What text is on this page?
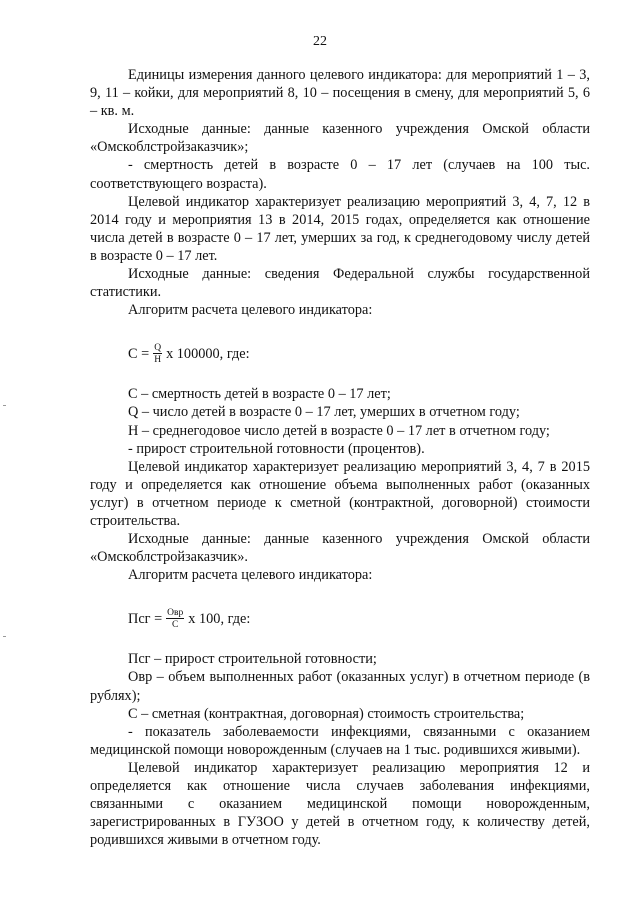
22

Единицы измерения данного целевого индикатора: для мероприятий 1 – 3, 9, 11 – койки, для мероприятий 8, 10 – посещения в смену, для мероприятий 5, 6 – кв. м.

Исходные данные: данные казенного учреждения Омской области «Омскоблстройзаказчик»;

- смертность детей в возрасте 0 – 17 лет (случаев на 100 тыс. соответствующего возраста).

Целевой индикатор характеризует реализацию мероприятий 3, 4, 7, 12 в 2014 году и мероприятия 13 в 2014, 2015 годах, определяется как отношение числа детей в возрасте 0 – 17 лет, умерших за год, к среднегодовому числу детей в возрасте 0 – 17 лет.

Исходные данные: сведения Федеральной службы государственной статистики.

Алгоритм расчета целевого индикатора:

$С = \frac{Q}{Н}$ х 100000, где:

С – смертность детей в возрасте 0 – 17 лет;

Q – число детей в возрасте 0 – 17 лет, умерших в отчетном году;

Н – среднегодовое число детей в возрасте 0 – 17 лет в отчетном году;

- прирост строительной готовности (процентов).

Целевой индикатор характеризует реализацию мероприятий 3, 4, 7 в 2015 году и определяется как отношение объема выполненных работ (оказанных услуг) в отчетном периоде к сметной (контрактной, договорной) стоимости строительства.

Исходные данные: данные казенного учреждения Омской области «Омскоблстройзаказчик».

Алгоритм расчета целевого индикатора:

Псг = $\frac{\text{Овр}}{С}$ х 100, где:

Псг – прирост строительной готовности;

Овр – объем выполненных работ (оказанных услуг) в отчетном периоде (в рублях);

С – сметная (контрактная, договорная) стоимость строительства;

- показатель заболеваемости инфекциями, связанными с оказанием медицинской помощи новорожденным (случаев на 1 тыс. родившихся живыми).

Целевой индикатор характеризует реализацию мероприятия 12 и определяется как отношение числа случаев заболевания инфекциями, связанными с оказанием медицинской помощи новорожденным, зарегистрированных в ГУЗОО у детей в отчетном году, к количеству детей, родившихся живыми в отчетном году.
